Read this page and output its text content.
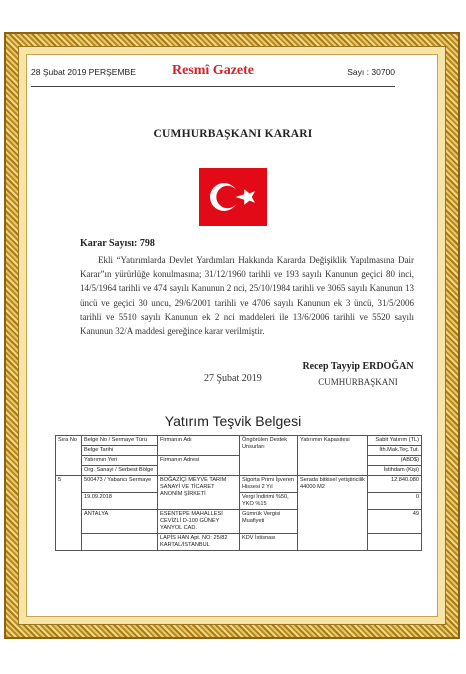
28 Şubat 2019 PERŞEMBE	Resmî Gazete	Sayı : 30700
CUMHURBAŞKANI KARARI
Karar Sayısı: 798

Ekli “Yatırımlarda Devlet Yardımları Hakkında Kararda Değişiklik Yapılmasına Dair Karar”ın yürürlüğe konulmasına; 31/12/1960 tarihli ve 193 sayılı Kanunun geçici 80 inci, 14/5/1964 tarihli ve 474 sayılı Kanunun 2 nci, 25/10/1984 tarihli ve 3065 sayılı Kanunun 13 üncü ve geçici 30 uncu, 29/6/2001 tarihli ve 4706 sayılı Kanunun ek 3 üncü, 31/5/2006 tarihli ve 5510 sayılı Kanunun ek 2 nci maddeleri ile 13/6/2006 tarihli ve 5520 sayılı Kanunun 32/A maddesi gereğince karar verilmiştir.

27 Şubat 2019
Recep Tayyip ERDOĞAN
CUMHURBAŞKANI
Yatırım Teşvik Belgesi
Sıra No	Belge No / Sermaye Türü	Firmanın Adı	Öngörülen Destek Unsurları	Yatırımın Kapasitesi	Sabit Yatırım (TL)
	Belge Tarihi				İth.Mak.Teç.Tut.
	Yatırımın Yeri	Firmanın Adresi			(ABD$)
	Org. Sanayi / Serbest Bölge				İstihdam (Kişi)
5	500473 / Yabancı Sermaye	BOĞAZİÇİ MEYVE TARIM SANAYİ VE TİCARET ANONİM ŞİRKETİ	Sigorta Primi İşveren Hissesi 2 Yıl	Serada bitkisel yetiştiricilik 44000 M2	12.840.080
	19.09.2018		Vergi İndirimi %50, YKO %15		0
	ANTALYA	ESENTEPE MAHALLESİ CEVİZLİ D-100 GÜNEY YANYOL CAD.	Gümrük Vergisi Muafiyeti		49
		LAPİS HAN Apt. NO: 25/82 KARTAL/İSTANBUL	KDV İstisnası		
